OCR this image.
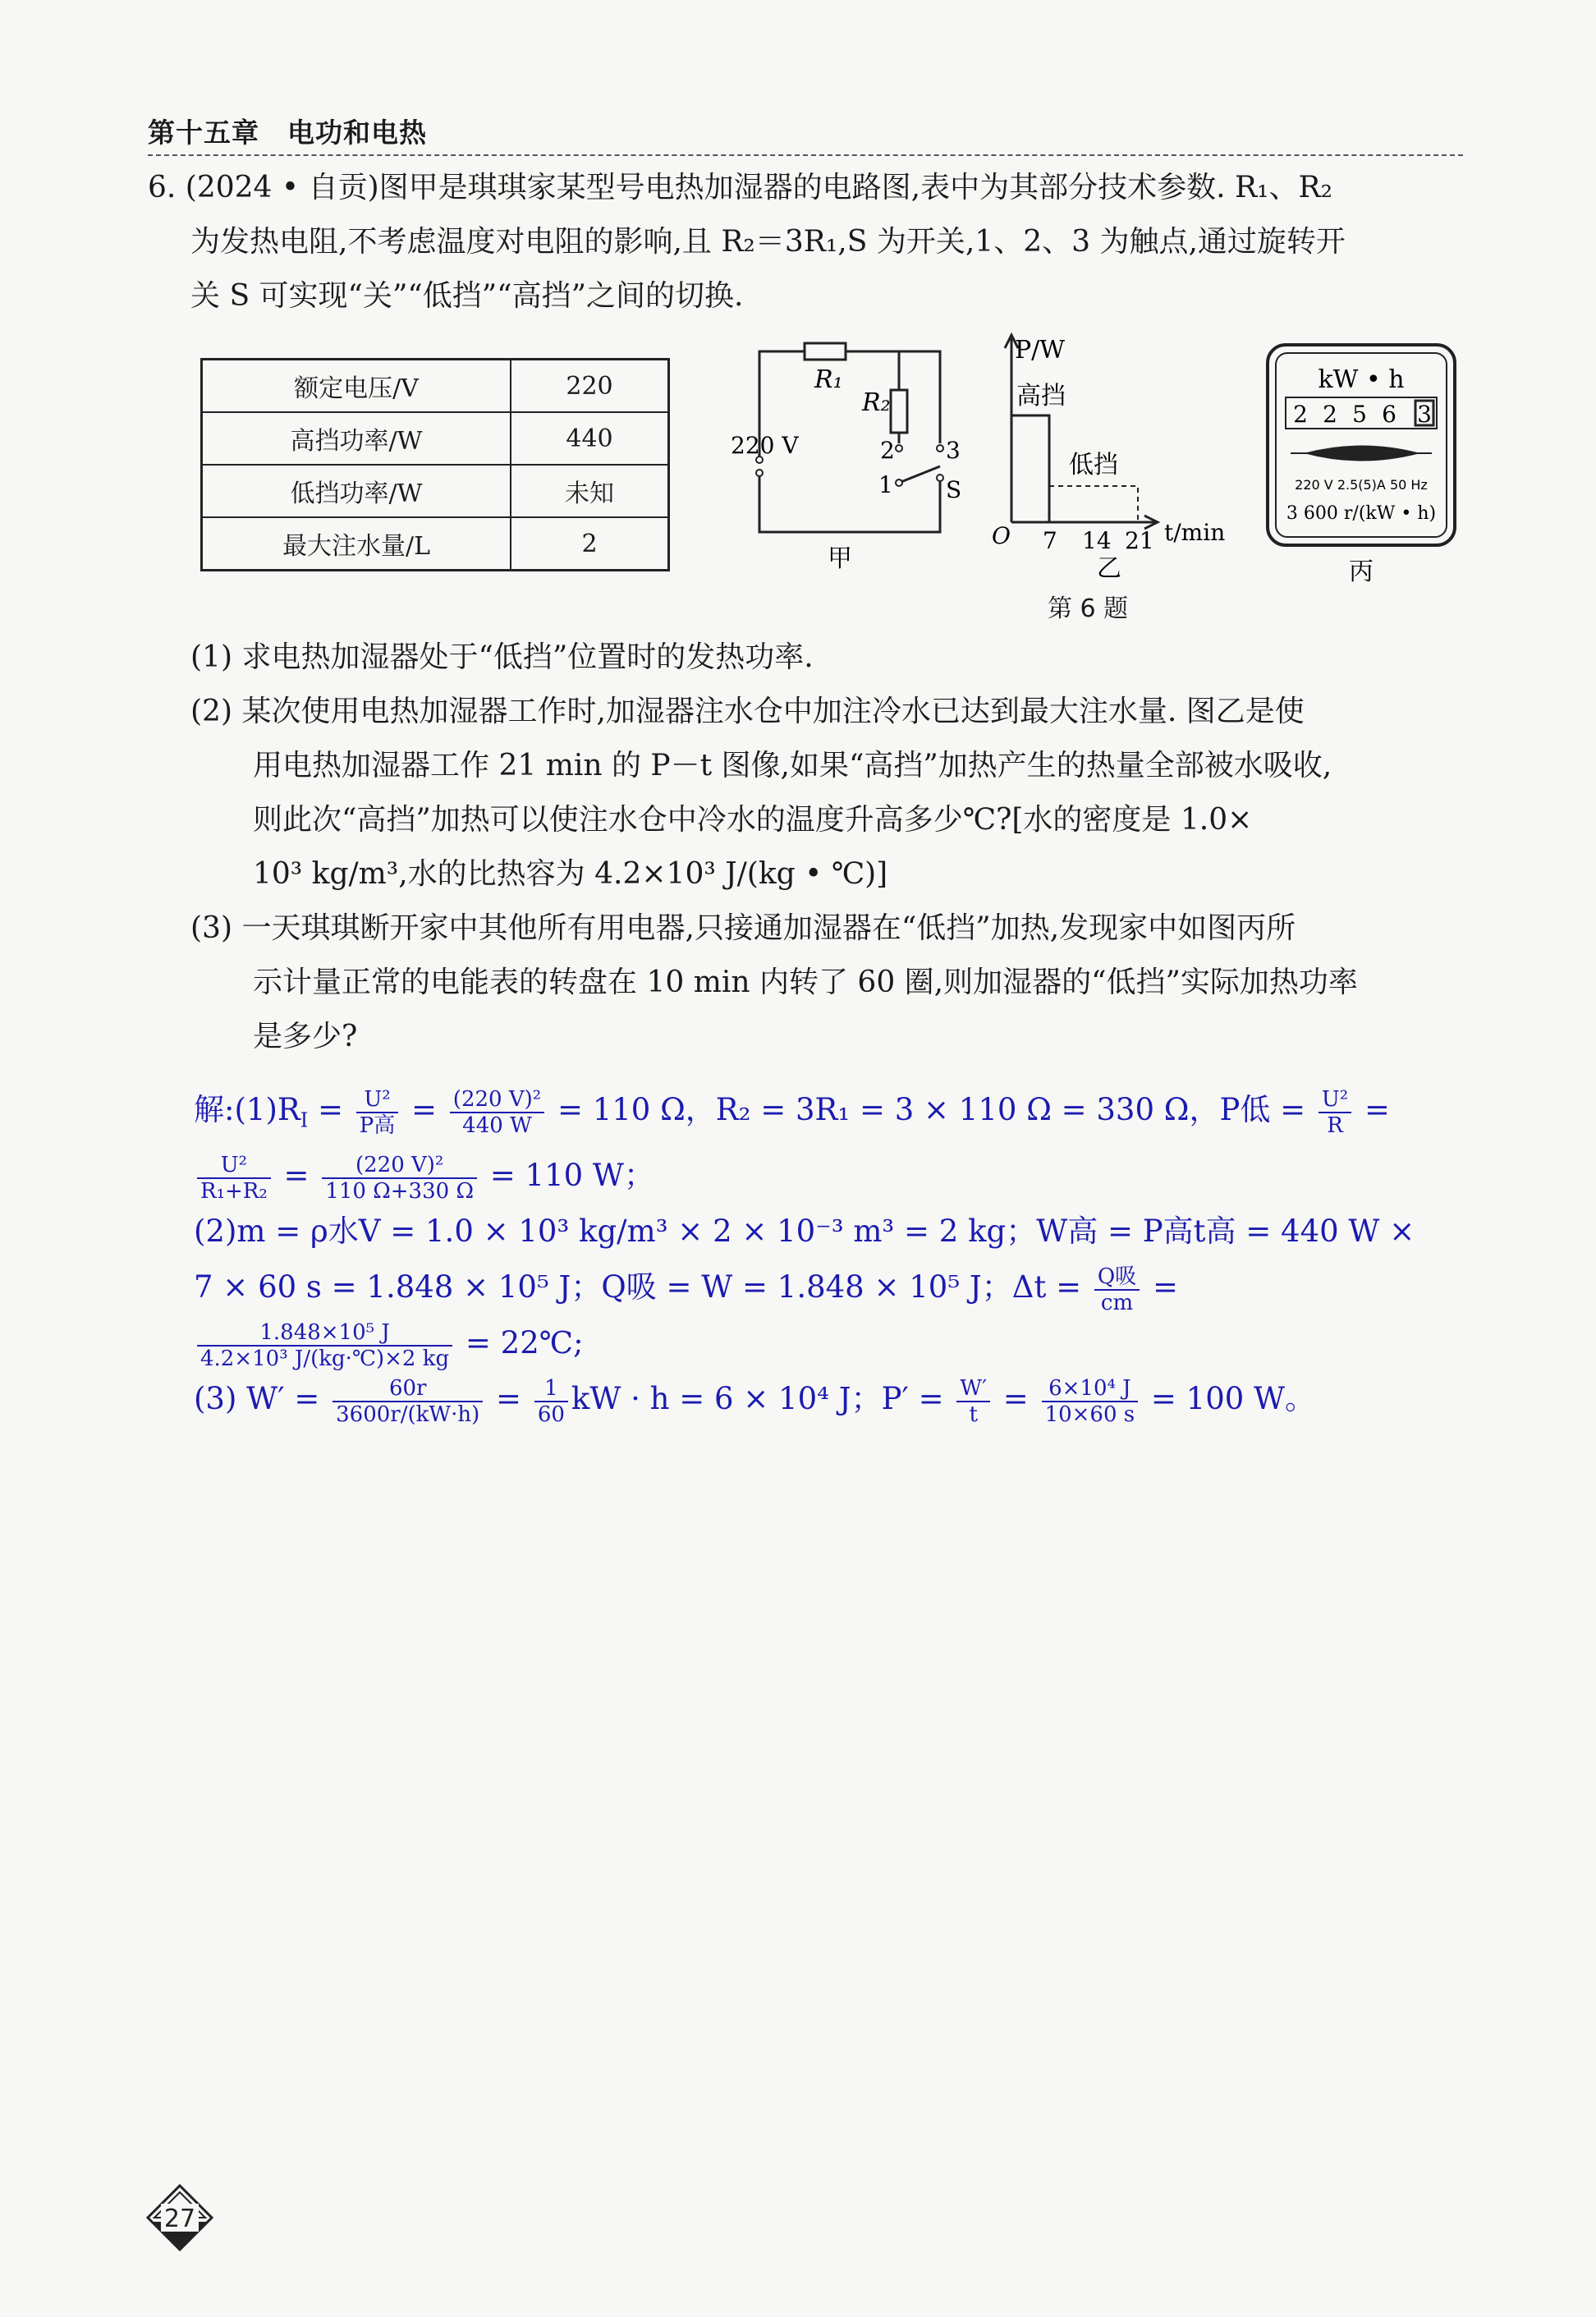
第十五章　电功和电热

6. (2024 • 自贡)图甲是琪琪家某型号电热加湿器的电路图,表中为其部分技术参数. R₁、R₂

为发热电阻,不考虑温度对电阻的影响,且 R₂＝3R₁,S 为开关,1、2、3 为触点,通过旋转开

关 S 可实现“关”“低挡”“高挡”之间的切换.

额定电压/V	220
高挡功率/W	440
低挡功率/W	未知
最大注水量/L	2
R₁
R₂
220 V	2 3
1 S
甲
P/W
高挡
低挡
O 7 14 21 t/min
乙
第 6 题
kW • h
2 2 5 6 3
220 V 2.5(5)A 50 Hz
3 600 r/(kW • h)
丙

(1) 求电热加湿器处于“低挡”位置时的发热功率.

(2) 某次使用电热加湿器工作时,加湿器注水仓中加注冷水已达到最大注水量. 图乙是使

用电热加湿器工作 21 min 的 P－t 图像,如果“高挡”加热产生的热量全部被水吸收,

则此次“高挡”加热可以使注水仓中冷水的温度升高多少℃?[水的密度是 1.0×

10³ kg/m³,水的比热容为 4.2×10³ J/(kg • ℃)]

(3) 一天琪琪断开家中其他所有用电器,只接通加湿器在“低挡”加热,发现家中如图丙所

示计量正常的电能表的转盘在 10 min 内转了 60 圈,则加湿器的“低挡”实际加热功率

是多少?

解$:(1)R_I = \frac{\text{U²}}{\text{P高}} = \frac{\text{(220 V)²}}{440 W} = 110$ Ω，R₂ = 3R₁ = 3 × 110 Ω = 330 Ω，P低 = $\frac{\text{U²}}{R}$ =

$\frac{\text{U²}}{\text{R₁+R₂}} = \frac{\text{(220 V)²}}{110 \Omega+330 \Omega} = 110$ W；

(2)m = ρ水V = 1.0 × 10³ kg/m³ × 2 × 10⁻³ m³ = 2 kg；W高 = P高t高 = 440 W ×

7 × 60 s = 1.848 × 10⁵ J；Q吸 = W = 1.848 × 10⁵ J；$\Delta t = \frac{\text{Q吸}}{cm}$ =

$\frac{\text{1.848×10⁵ J}}{\text{4.2×10³ J/(kg·℃)×2 kg}}$ = 22℃;

(3) $W' = \frac{60r}{3600r/(kW\cdot h)} = \frac{1}{60}$ kW · h = 6 × 10⁴ J；$P' = \frac{W'}{t} = \frac{\text{6×10⁴ J}}{10\times 60 s} = 100$ W。

27
